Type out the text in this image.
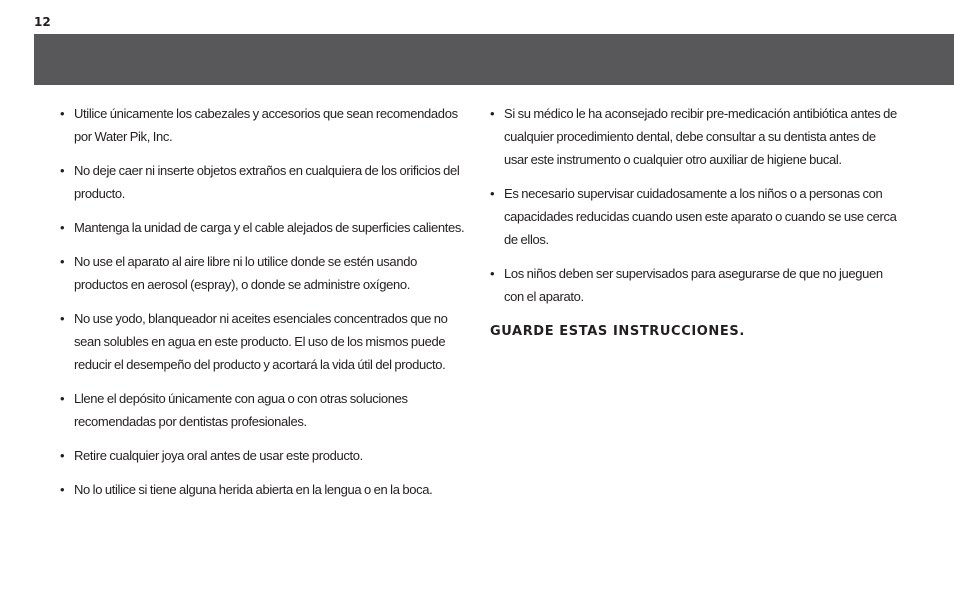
12
• Utilice únicamente los cabezales y accesorios que sean recomendados por Water Pik, Inc.
• No deje caer ni inserte objetos extraños en cualquiera de los orificios del producto.
• Mantenga la unidad de carga y el cable alejados de superficies calientes.
• No use el aparato al aire libre ni lo utilice donde se estén usando productos en aerosol (espray), o donde se administre oxígeno.
• No use yodo, blanqueador ni aceites esenciales concentrados que no sean solubles en agua en este producto. El uso de los mismos puede reducir el desempeño del producto y acortará la vida útil del producto.
• Llene el depósito únicamente con agua o con otras soluciones recomendadas por dentistas profesionales.
• Retire cualquier joya oral antes de usar este producto.
• No lo utilice si tiene alguna herida abierta en la lengua o en la boca.
• Si su médico le ha aconsejado recibir pre-medicación antibiótica antes de cualquier procedimiento dental, debe consultar a su dentista antes de usar este instrumento o cualquier otro auxiliar de higiene bucal.
• Es necesario supervisar cuidadosamente a los niños o a personas con capacidades reducidas cuando usen este aparato o cuando se use cerca de ellos.
• Los niños deben ser supervisados para asegurarse de que no jueguen con el aparato.
GUARDE ESTAS INSTRUCCIONES.
